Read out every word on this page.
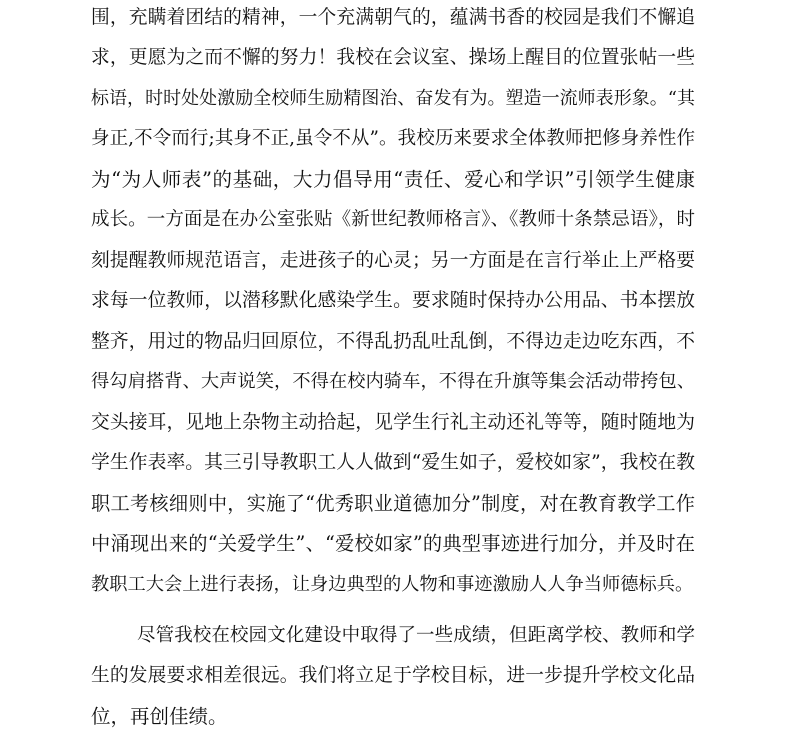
围，充瞒着团结的精神，一个充满朝气的，蕴满书香的校园是我们不懈追
求，更愿为之而不懈的努力！我校在会议室、操场上醒目的位置张帖一些
标语，时时处处激励全校师生励精图治、奋发有为。塑造一流师表形象。“其
身正,不令而行;其身不正,虽令不从”。我校历来要求全体教师把修身养性作
为“为人师表”的基础，大力倡导用“责任、爱心和学识”引领学生健康
成长。一方面是在办公室张贴《新世纪教师格言》、《教师十条禁忌语》，时
刻提醒教师规范语言，走进孩子的心灵；另一方面是在言行举止上严格要
求每一位教师，以潜移默化感染学生。要求随时保持办公用品、书本摆放
整齐，用过的物品归回原位，不得乱扔乱吐乱倒，不得边走边吃东西，不
得勾肩搭背、大声说笑，不得在校内骑车，不得在升旗等集会活动带挎包、
交头接耳，见地上杂物主动拾起，见学生行礼主动还礼等等，随时随地为
学生作表率。其三引导教职工人人做到“爱生如子，爱校如家”，我校在教
职工考核细则中，实施了“优秀职业道德加分”制度，对在教育教学工作
中涌现出来的“关爱学生”、“爱校如家”的典型事迹进行加分，并及时在
教职工大会上进行表扬，让身边典型的人物和事迹激励人人争当师德标兵。
尽管我校在校园文化建设中取得了一些成绩，但距离学校、教师和学
生的发展要求相差很远。我们将立足于学校目标，进一步提升学校文化品
位，再创佳绩。
